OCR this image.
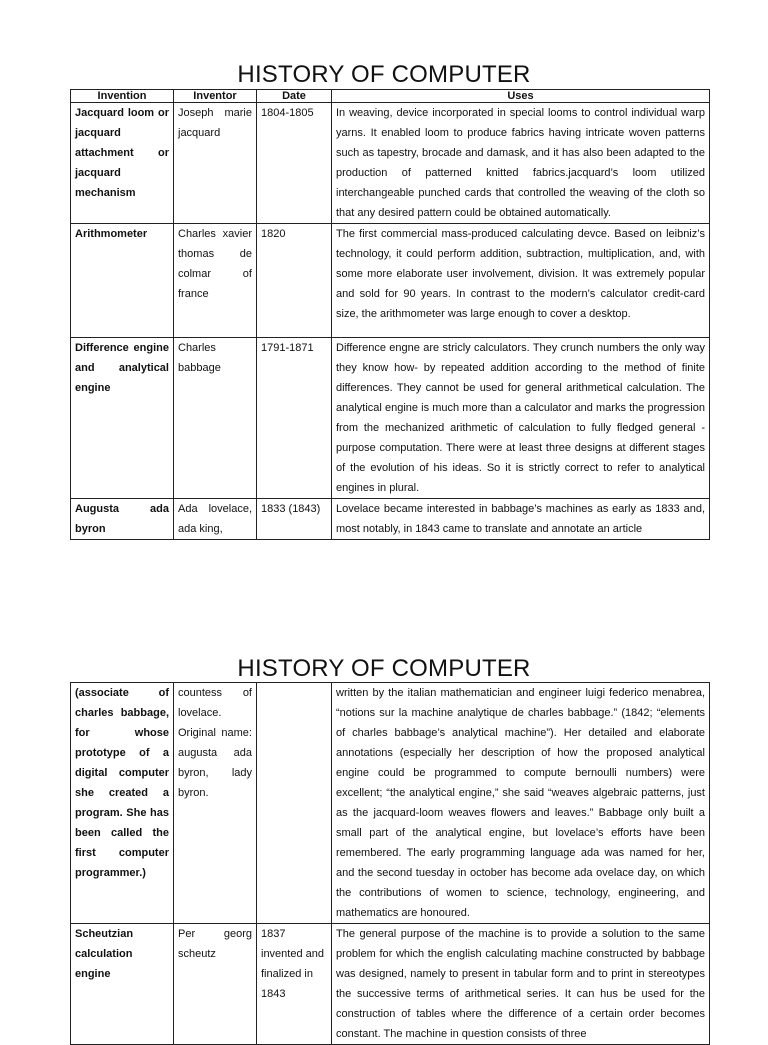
HISTORY OF COMPUTER
Invention	Inventor	Date	Uses
Jacquard loom or jacquard attachment or jacquard mechanism	Joseph marie jacquard	1804-1805	In weaving, device incorporated in special looms to control individual warp yarns. It enabled loom to produce fabrics having intricate woven patterns such as tapestry, brocade and damask, and it has also been adapted to the production of patterned knitted fabrics.jacquard’s loom utilized interchangeable punched cards that controlled the weaving of the cloth so that any desired pattern could be obtained automatically.
Arithmometer	Charles xavier thomas de colmar of france	1820	The first commercial mass-produced calculating devce. Based on leibniz’s technology, it could perform addition, subtraction, multiplication, and, with some more elaborate user involvement, division. It was extremely popular and sold for 90 years. In contrast to the modern’s calculator credit-card size, the arithmometer was large enough to cover a desktop.
Difference engine and analytical engine	Charles babbage	1791-1871	Difference engne are stricly calculators. They crunch numbers the only way they know how- by repeated addition according to the method of finite differences. They cannot be used for general arithmetical calculation. The analytical engine is much more than a calculator and marks the progression from the mechanized arithmetic of calculation to fully fledged general -purpose computation. There were at least three designs at different stages of the evolution of his ideas. So it is strictly correct to refer to analytical engines in plural.

Augusta ada byron	Ada lovelace, ada king,	1833 (1843)	Lovelace became interested in babbage’s machines as early as 1833 and, most notably, in 1843 came to translate and annotate an article
HISTORY OF COMPUTER
(associate of charles babbage, for whose prototype of a digital computer she created a program. She has been called the first computer programmer.)	countess of lovelace. Original name: augusta ada byron, lady byron.		written by the italian mathematician and engineer luigi federico menabrea, “notions sur la machine analytique de charles babbage.” (1842; “elements of charles babbage’s analytical machine”). Her detailed and elaborate annotations (especially her description of how the proposed analytical engine could be programmed to compute bernoulli numbers) were excellent; “the analytical engine,” she said “weaves algebraic patterns, just as the jacquard-loom weaves flowers and leaves.” Babbage only built a small part of the analytical engine, but lovelace’s efforts have been remembered. The early programming language ada was named for her, and the second tuesday in october has become ada ovelace day, on which the contributions of women to science, technology, engineering, and mathematics are honoured.
Scheutzian calculation engine	Per georg scheutz	1837 invented and finalized in 1843	The general purpose of the machine is to provide a solution to the same problem for which the english calculating machine constructed by babbage was designed, namely to present in tabular form and to print in stereotypes the successive terms of arithmetical series. It can hus be used for the construction of tables where the difference of a certain order becomes constant. The machine in question consists of three
